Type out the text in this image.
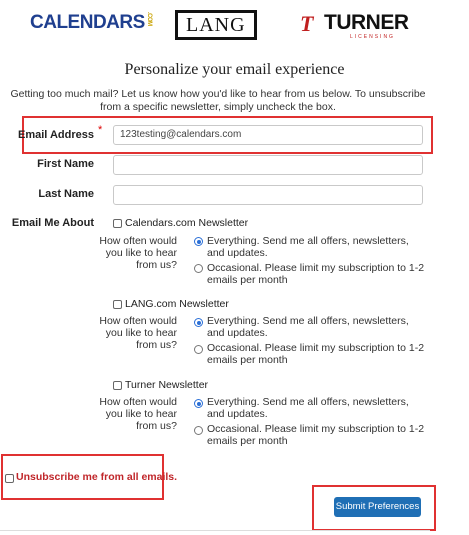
CALENDARS.COM	LANG	T TURNER
LICENSING
Personalize your email experience
Getting too much mail? Let us know how you'd like to hear from us below. To unsubscribe from a specific newsletter, simply uncheck the box.
Email Address *	123testing@calendars.com
First Name
Last Name
Email Me About	Calendars.com Newsletter
How often would you like to hear from us?
Everything. Send me all offers, newsletters, and updates.
Occasional. Please limit my subscription to 1-2 emails per month
LANG.com Newsletter
How often would you like to hear from us?
Everything. Send me all offers, newsletters, and updates.
Occasional. Please limit my subscription to 1-2 emails per month
Turner Newsletter
How often would you like to hear from us?
Everything. Send me all offers, newsletters, and updates.
Occasional. Please limit my subscription to 1-2 emails per month
Unsubscribe me from all emails.
Submit Preferences
